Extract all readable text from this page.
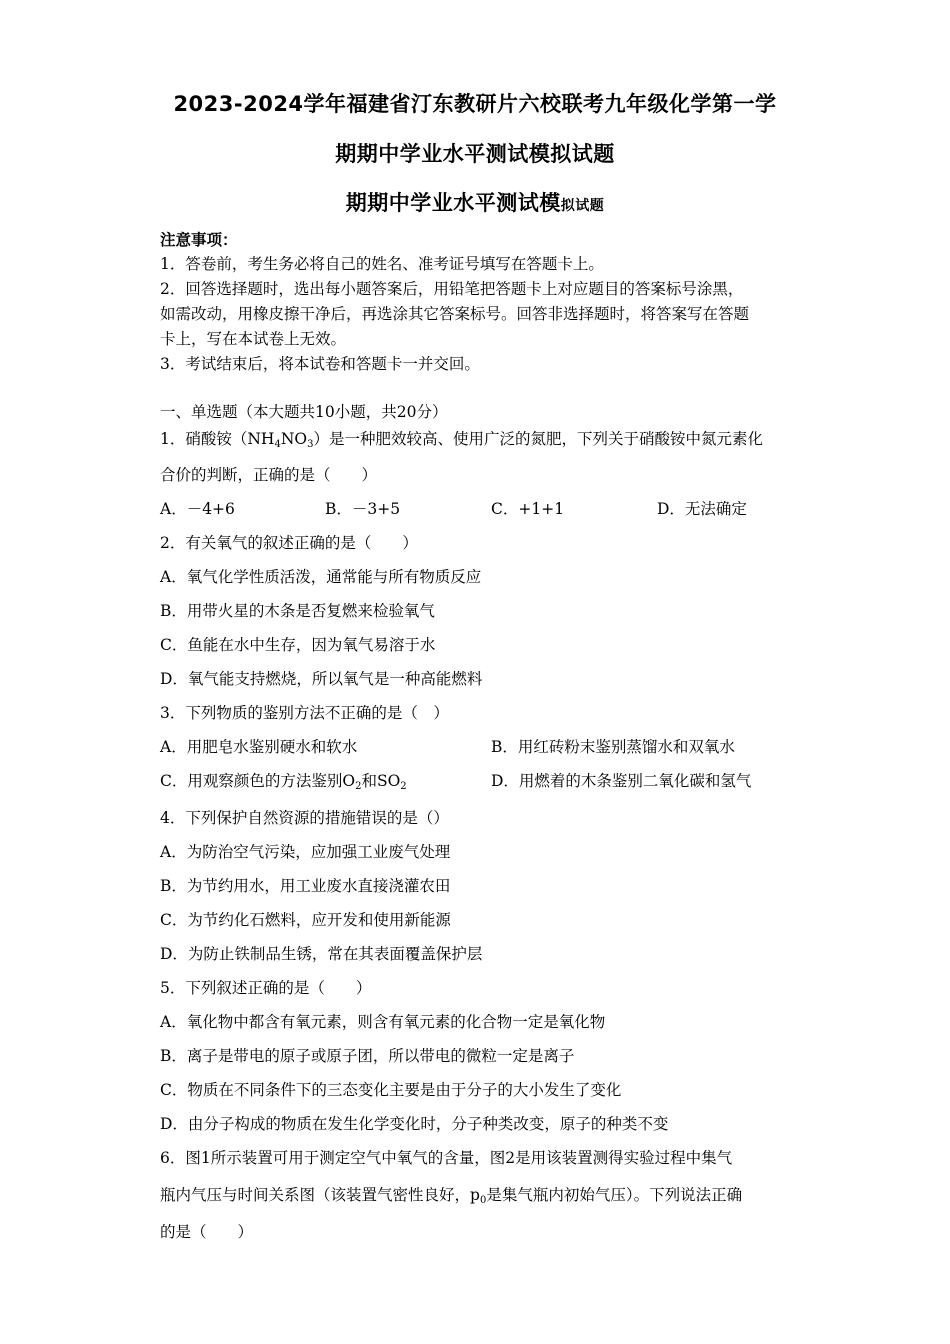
2023-2024学年福建省汀东教研片六校联考九年级化学第一学
期期中学业水平测试模拟试题
期期中学业水平测试模拟试题
注意事项：
1．答卷前，考生务必将自己的姓名、准考证号填写在答题卡上。
2．回答选择题时，选出每小题答案后，用铅笔把答题卡上对应题目的答案标号涂黑，
如需改动，用橡皮擦干净后，再选涂其它答案标号。回答非选择题时，将答案写在答题
卡上，写在本试卷上无效。
3．考试结束后，将本试卷和答题卡一并交回。
一、单选题（本大题共10小题，共20分）
1．硝酸铵$(NH_4NO_3)$是一种肥效较高、使用广泛的氮肥，下列关于硝酸铵中氮元素化
合价的判断，正确的是（　　）
A．－4+6	B．－3+5	C．+1+1	D．无法确定
2．有关氧气的叙述正确的是（　　）
A．氧气化学性质活泼，通常能与所有物质反应
B．用带火星的木条是否复燃来检验氧气
C．鱼能在水中生存，因为氧气易溶于水
D．氧气能支持燃烧，所以氧气是一种高能燃料
3．下列物质的鉴别方法不正确的是（　）
A．用肥皂水鉴别硬水和软水	B．用红砖粉末鉴别蒸馏水和双氧水
C．用观察颜色的方法鉴别$O_2$和$SO_2$	D．用燃着的木条鉴别二氧化碳和氢气
4．下列保护自然资源的措施错误的是（）
A．为防治空气污染，应加强工业废气处理
B．为节约用水，用工业废水直接浇灌农田
C．为节约化石燃料，应开发和使用新能源
D．为防止铁制品生锈，常在其表面覆盖保护层
5．下列叙述正确的是（　　）
A．氧化物中都含有氧元素，则含有氧元素的化合物一定是氧化物
B．离子是带电的原子或原子团，所以带电的微粒一定是离子
C．物质在不同条件下的三态变化主要是由于分子的大小发生了变化
D．由分子构成的物质在发生化学变化时，分子种类改变，原子的种类不变
6．图1所示装置可用于测定空气中氧气的含量，图2是用该装置测得实验过程中集气
瓶内气压与时间关系图（该装置气密性良好，$p_0$是集气瓶内初始气压）。下列说法正确
的是（　　）
